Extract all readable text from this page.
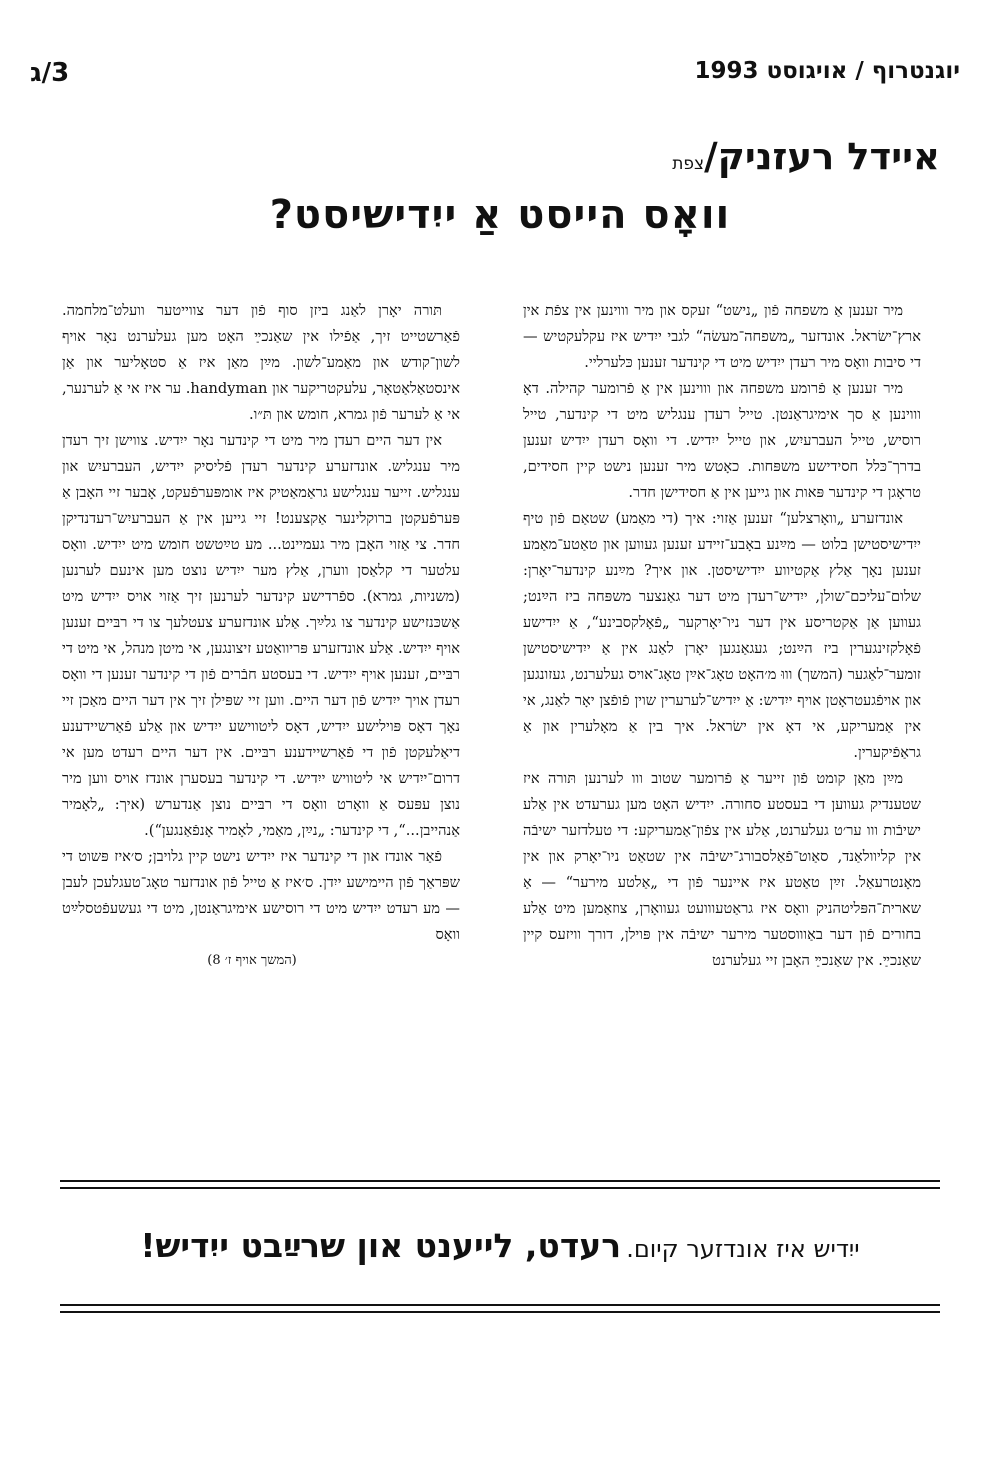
יוגנטרוף / אויגוסט 1993
3/ג
איידל רעזניק/צפת
וואָס הייסט אַ ייִדישיסט?

מיר זענען אַ משפחה פֿון „נישט“ זעקס און מיר וווינען אין צפֿת אין ארץ־ישׂראל. אונדזער „משפחה־מעשׂה“ לגבי ייִדיש איז עקלעקטיש — די סיבות וואָס מיר רעדן ייִדיש מיט די קינדער זענען כּלערליי.

מיר זענען אַ פֿרומע משפחה און וווינען אין אַ פֿרומער קהילה. דאָ וווינען אַ סך אימיגראַנטן. טייל רעדן ענגליש מיט די קינדער, טייל רוסיש, טייל העברעיִש, און טייל ייִדיש. די וואָס רעדן ייִדיש זענען בדרך־כּלל חסידישע משפּחות. כאָטש מיר זענען נישט קיין חסידים, טראָגן די קינדער פּאות און גייען אין אַ חסידישן חדר.

אונדזערע „וואָרצלען“ זענען אַזוי: איך (די מאַמע) שטאַם פֿון טיף ייִדישיסטישן בלוט — מײַנע באָבע־זיידע זענען געווען און טאַטע־מאַמע זענען נאָך אַלץ אַקטיווע ייִדישיסטן. און איך? מײַנע קינדער־יאָרן: שלום־עליכם־שולן, ייִדיש־רעדן מיט דער גאַנצער משפּחה ביז הײַנט; געווען אַן אַקטריסע אין דער ניו־יאָרקער „פֿאָלקסבינע“, אַ ייִדישע פֿאָלקזינגערין ביז הײַנט; געגאַנגען יאָרן לאַנג אין אַ ייִדישיסטישן זומער־לאַגער (המשך) וווּ מ׳האָט טאָג־אײַן טאָג־אויס געלערנט, געזונגען און אויפֿגעטראָטן אויף ייִדיש: אַ ייִדיש־לערערין שוין פֿופֿצן יאָר לאַנג, אי אין אַמעריקע, אי דאָ אין ישׂראל. איך בין אַ מאָלערין און אַ גראַפֿיקערין.

מײַן מאַן קומט פֿון זייער אַ פֿרומער שטוב ווו לערנען תּורה איז שטענדיק געווען די בעסטע סחורה. ייִדיש האָט מען גערעדט אין אַלע ישיבֿות ווו ער׳ט געלערנט, אַלע אין צפֿון־אַמעריקע: די טעלדזער ישיבֿה אין קליוולאַנד, סאַוט־פֿאַלסבורג־ישיבֿה אין שטאַט ניו־יאָרק און אין מאָנטרעאַל. זײַן טאַטע איז איינער פֿון די „אַלטע מירער“ — אַ שארית־הפּליטהניק וואָס איז גראַטעווועט געוואָרן, צוזאַמען מיט אַלע בחורים פֿון דער באַוווסטער מירער ישיבֿה אין פּוילן, דורך וויזעס קיין שאַנכײַ. אין שאַנכײַ האָבן זיי געלערנט

תּורה יאָרן לאַנג ביזן סוף פֿון דער צווייטער וועלט־מלחמה. פֿאַרשטייט זיך, אַפֿילו אין שאַנכײַ האָט מען געלערנט נאָר אויף לשון־קודש און מאַמע־לשון. מײַן מאַן איז אַ סטאָליער און אַן אינסטאַלאַטאָר, עלעקטריקער און handyman. ער איז אי אַ לערנער, אי אַ לערער פֿון גמרא, חומש און תּ״ו.

אין דער היים רעדן מיר מיט די קינדער נאָר ייִדיש. צווישן זיך רעדן מיר ענגליש. אונדזערע קינדער רעדן פֿליסיק ייִדיש, העברעיִש און ענגליש. זייער ענגלישע גראַמאַטיק איז אומפּערפֿעקט, אָבער זיי האָבן אַ פּערפֿעקטן ברוקלינער אַקצענט! זיי גייען אין אַ העברעיִש־רעדנדיקן חדר. צי אַזוי האָבן מיר געמיינט... מע טײַטשט חומש מיט ייִדיש. וואָס עלטער די קלאַסן ווערן, אַלץ מער ייִדיש נוצט מען אינעם לערנען (משניות, גמרא). ספֿרדישע קינדער לערנען זיך אַזוי אויס ייִדיש מיט אַשכּנזישע קינדער צו גלײַך. אַלע אונדזערע צעטלעך צו די רבּיים זענען אויף ייִדיש. אַלע אונדזערע פּריוואַטע זיצונגען, אי מיטן מנהל, אי מיט די רבּיים, זענען אויף ייִדיש. די בעסטע חבֿרים פֿון די קינדער זענען די וואָס רעדן אויך ייִדיש פֿון דער היים. ווען זיי שפּילן זיך אין דער היים מאַכן זיי נאָך דאָס פּוילישע ייִדיש, דאָס ליטווישע ייִדיש און אַלע פֿאַרשיידענע דיאַלעקטן פֿון די פֿאַרשיידענע רבּיים. אין דער היים רעדט מען אי דרום־ייִדיש אי ליטוויש ייִדיש. די קינדער בעסערן אונדז אויס ווען מיר נוצן עפּעס אַ וואָרט וואָס די רבּיים נוצן אַנדערש (איך: „לאָמיר אַנהייבן...“, די קינדער: „נײַן, מאַמי, לאָמיר אָנפֿאַנגען“).

פֿאַר אונדז און די קינדער איז ייִדיש נישט קיין גלויבן; ס׳איז פּשוט די שפּראַך פֿון היימישע ייִדן. ס׳איז אַ טייל פֿון אונדזער טאָג־טעגלעכן לעבן — מע רעדט ייִדיש מיט די רוסישע אימיגראַנטן, מיט די געשעפֿטסלײַט וואָס

(המשך אויף ז׳ 8)

ייִדיש איז אונדזער קיום. רעדט, לייענט און שרײַבט ייִדיש!
